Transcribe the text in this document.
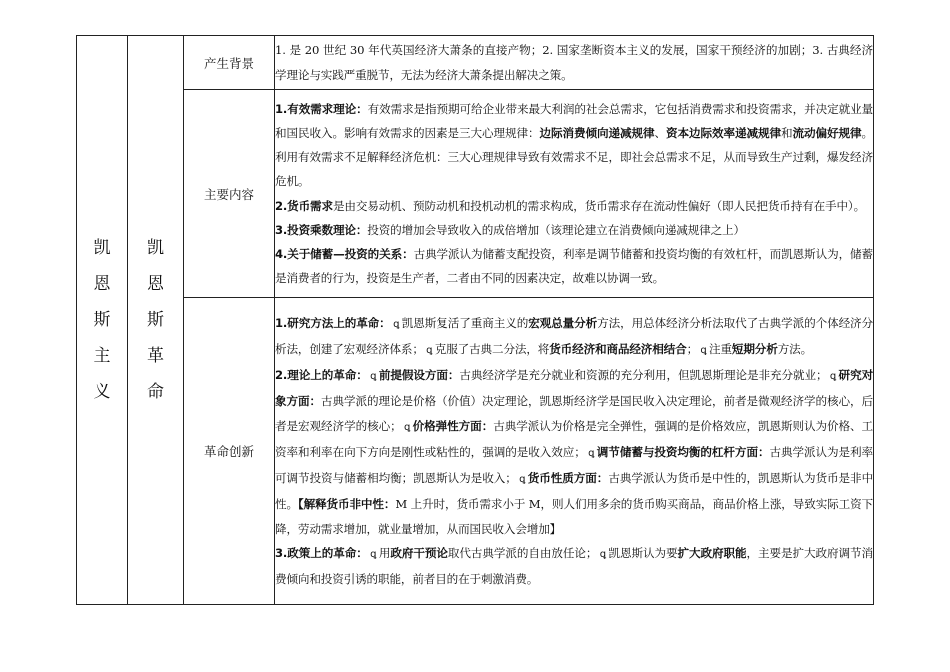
凯
恩
斯
主
义	凯
恩
斯
革
命	产生背景	1. 是 20 世纪 30 年代英国经济大萧条的直接产物；2. 国家垄断资本主义的发展，国家干预经济的加剧；3. 古典经济学理论与实践严重脱节，无法为经济大萧条提出解决之策。

		主要内容	1.有效需求理论：有效需求是指预期可给企业带来最大利润的社会总需求，它包括消费需求和投资需求，并决定就业量和国民收入。影响有效需求的因素是三大心理规律：边际消费倾向递减规律、资本边际效率递减规律和流动偏好规律。利用有效需求不足解释经济危机：三大心理规律导致有效需求不足，即社会总需求不足，从而导致生产过剩，爆发经济危机。

2.货币需求是由交易动机、预防动机和投机动机的需求构成，货币需求存在流动性偏好（即人民把货币持有在手中）。

3.投资乘数理论：投资的增加会导致收入的成倍增加（该理论建立在消费倾向递减规律之上）

4.关于储蓄—投资的关系：古典学派认为储蓄支配投资，利率是调节储蓄和投资均衡的有效杠杆，而凯恩斯认为，储蓄是消费者的行为，投资是生产者，二者由不同的因素决定，故难以协调一致。

		革命创新	1.研究方法上的革命： ꝗ 凯恩斯复活了重商主义的宏观总量分析方法，用总体经济分析法取代了古典学派的个体经济分析法，创建了宏观经济体系； ꝗ 克服了古典二分法，将货币经济和商品经济相结合； ꝗ 注重短期分析方法。

2.理论上的革命： ꝗ 前提假设方面：古典经济学是充分就业和资源的充分利用，但凯恩斯理论是非充分就业； ꝗ 研究对象方面：古典学派的理论是价格（价值）决定理论，凯恩斯经济学是国民收入决定理论，前者是微观经济学的核心，后者是宏观经济学的核心； ꝗ 价格弹性方面：古典学派认为价格是完全弹性，强调的是价格效应，凯恩斯则认为价格、工资率和利率在向下方向是刚性或粘性的，强调的是收入效应； ꝗ 调节储蓄与投资均衡的杠杆方面：古典学派认为是利率可调节投资与储蓄相均衡；凯恩斯认为是收入； ꝗ 货币性质方面：古典学派认为货币是中性的，凯恩斯认为货币是非中性。【解释货币非中性：M 上升时，货币需求小于 M，则人们用多余的货币购买商品，商品价格上涨，导致实际工资下降，劳动需求增加，就业量增加，从而国民收入会增加】

3.政策上的革命： ꝗ 用政府干预论取代古典学派的自由放任论； ꝗ 凯恩斯认为要扩大政府职能，主要是扩大政府调节消费倾向和投资引诱的职能，前者目的在于刺激消费。
